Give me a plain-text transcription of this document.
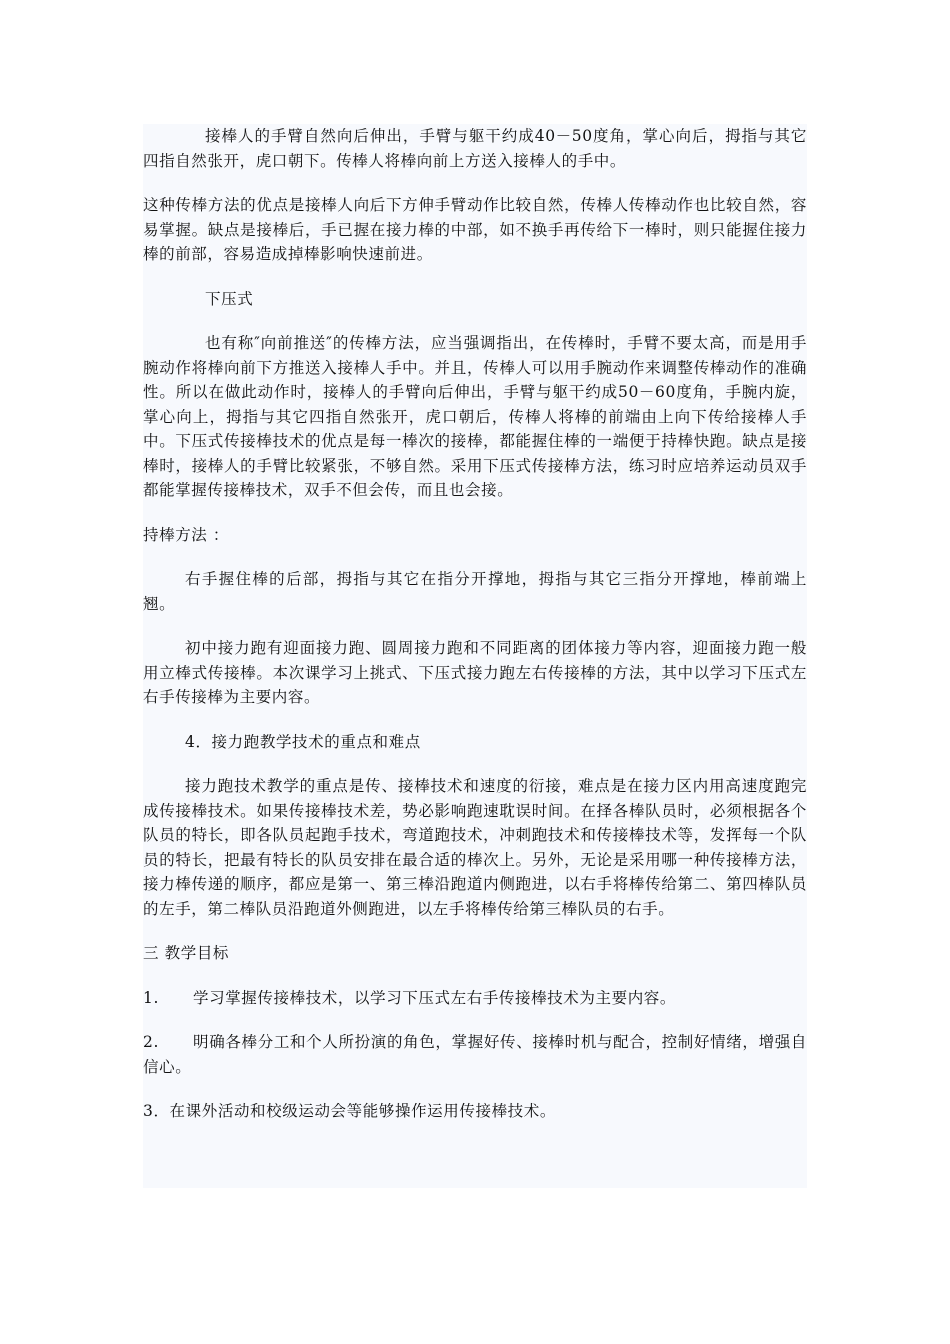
接棒人的手臂自然向后伸出，手臂与躯干约成40－50度角，掌心向后，拇指与其它四指自然张开，虎口朝下。传棒人将棒向前上方送入接棒人的手中。

这种传棒方法的优点是接棒人向后下方伸手臂动作比较自然，传棒人传棒动作也比较自然，容易掌握。缺点是接棒后，手已握在接力棒的中部，如不换手再传给下一棒时，则只能握住接力棒的前部，容易造成掉棒影响快速前进。

下压式

也有称″向前推送″的传棒方法，应当强调指出，在传棒时，手臂不要太高，而是用手腕动作将棒向前下方推送入接棒人手中。并且，传棒人可以用手腕动作来调整传棒动作的准确性。所以在做此动作时，接棒人的手臂向后伸出，手臂与躯干约成50－60度角，手腕内旋，掌心向上，拇指与其它四指自然张开，虎口朝后，传棒人将棒的前端由上向下传给接棒人手中。下压式传接棒技术的优点是每一棒次的接棒，都能握住棒的一端便于持棒快跑。缺点是接棒时，接棒人的手臂比较紧张，不够自然。采用下压式传接棒方法，练习时应培养运动员双手都能掌握传接棒技术，双手不但会传，而且也会接。

持棒方法 ：

右手握住棒的后部，拇指与其它在指分开撑地，拇指与其它三指分开撑地，棒前端上翘。

初中接力跑有迎面接力跑、圆周接力跑和不同距离的团体接力等内容，迎面接力跑一般用立棒式传接棒。本次课学习上挑式、下压式接力跑左右传接棒的方法，其中以学习下压式左右手传接棒为主要内容。

4．接力跑教学技术的重点和难点

接力跑技术教学的重点是传、接棒技术和速度的衍接，难点是在接力区内用高速度跑完成传接棒技术。如果传接棒技术差，势必影响跑速耽误时间。在择各棒队员时，必须根据各个队员的特长，即各队员起跑手技术，弯道跑技术，冲刺跑技术和传接棒技术等，发挥每一个队员的特长，把最有特长的队员安排在最合适的棒次上。另外，无论是采用哪一种传接棒方法，接力棒传递的顺序，都应是第一、第三棒沿跑道内侧跑进，以右手将棒传给第二、第四棒队员的左手，第二棒队员沿跑道外侧跑进，以左手将棒传给第三棒队员的右手。

三 教学目标

1. 学习掌握传接棒技术，以学习下压式左右手传接棒技术为主要内容。

2. 明确各棒分工和个人所扮演的角色，掌握好传、接棒时机与配合，控制好情绪，增强自信心。

3．在课外活动和校级运动会等能够操作运用传接棒技术。
